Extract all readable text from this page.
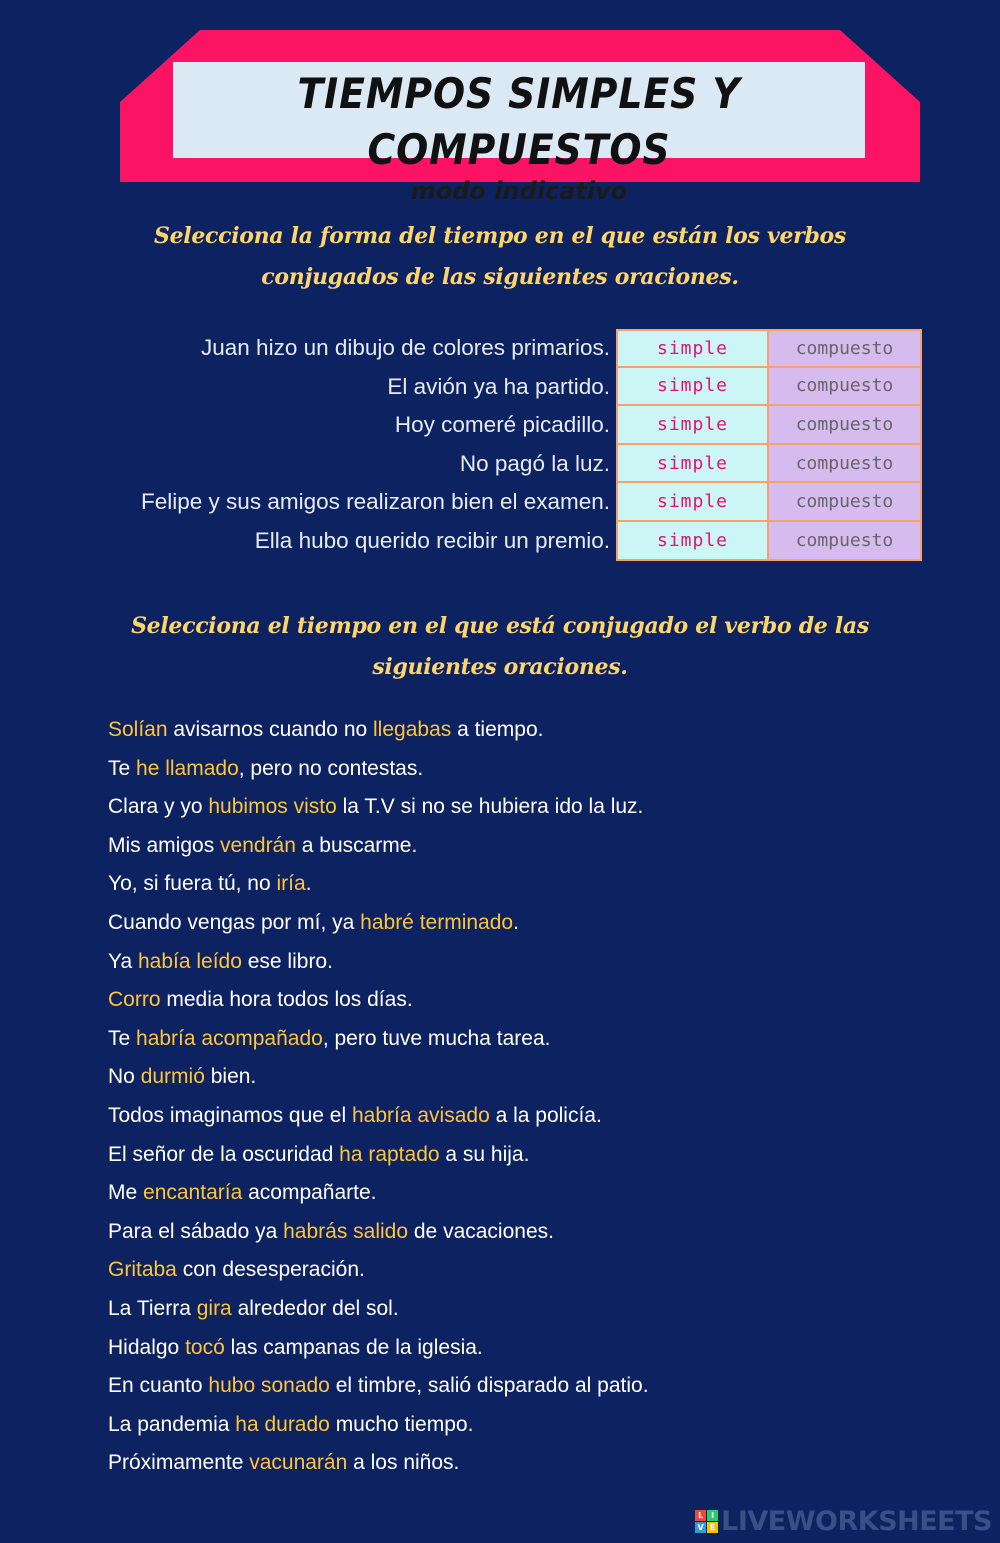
TIEMPOS SIMPLES Y COMPUESTOS
modo indicativo
Selecciona la forma del tiempo en el que están los verbos conjugados de las siguientes oraciones.
Juan hizo un dibujo de colores primarios.	simple	compuesto
El avión ya ha partido.	simple	compuesto
Hoy comeré picadillo.	simple	compuesto
No pagó la luz.	simple	compuesto
Felipe y sus amigos realizaron bien el examen.	simple	compuesto
Ella hubo querido recibir un premio.	simple	compuesto
Selecciona el tiempo en el que está conjugado el verbo de las siguientes oraciones.
Solían avisarnos cuando no llegabas a tiempo.
Te he llamado, pero no contestas.
Clara y yo hubimos visto la T.V si no se hubiera ido la luz.
Mis amigos vendrán a buscarme.
Yo, si fuera tú, no iría.
Cuando vengas por mí, ya habré terminado.
Ya había leído ese libro.
Corro media hora todos los días.
Te habría acompañado, pero tuve mucha tarea.
No durmió bien.
Todos imaginamos que el habría avisado a la policía.
El señor de la oscuridad ha raptado a su hija.
Me encantaría acompañarte.
Para el sábado ya habrás salido de vacaciones.
Gritaba con desesperación.
La Tierra gira alrededor del sol.
Hidalgo tocó las campanas de la iglesia.
En cuanto hubo sonado el timbre, salió disparado al patio.
La pandemia ha durado mucho tiempo.
Próximamente vacunarán a los niños.
L I
V E LIVEWORKSHEETS
